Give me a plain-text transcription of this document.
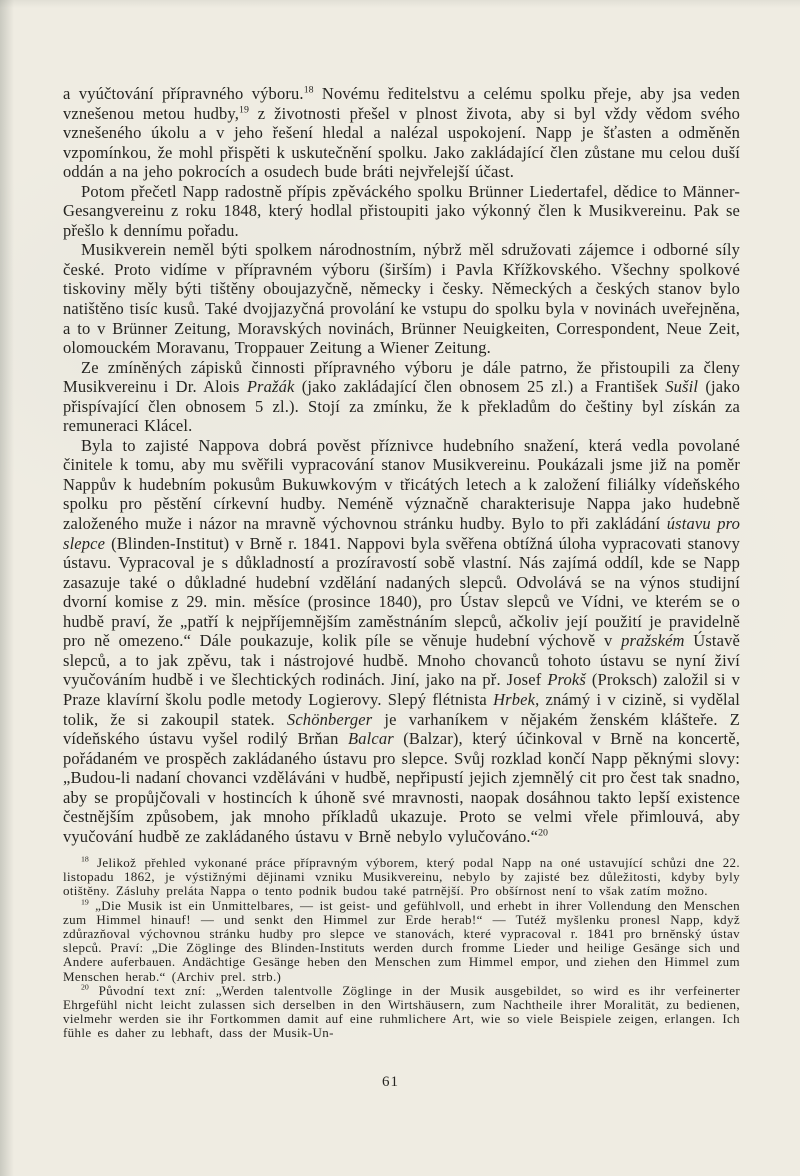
a vyúčtování přípravného výboru.$^{18}$ Novému ředitelstvu a celému spolku přeje, aby jsa veden vznešenou metou hudby,$^{19}$ z životnosti přešel v plnost života, aby si byl vždy vědom svého vznešeného úkolu a v jeho řešení hledal a nalézal uspokojení. Napp je šťasten a odměněn vzpomínkou, že mohl přispěti k uskutečnění spolku. Jako zakládající člen zůstane mu celou duší oddán a na jeho pokrocích a osudech bude bráti nejvřelejší účast.

Potom přečetl Napp radostně přípis zpěváckého spolku Brünner Liedertafel, dědice to Männer-Gesangvereinu z roku 1848, který hodlal přistoupiti jako výkonný člen k Musikvereinu. Pak se přešlo k dennímu pořadu.

Musikverein neměl býti spolkem národnostním, nýbrž měl sdružovati zájemce i odborné síly české. Proto vidíme v přípravném výboru (širším) i Pavla Křížkovského. Všechny spolkové tiskoviny měly býti tištěny oboujazyčně, německy i česky. Německých a českých stanov bylo natištěno tisíc kusů. Také dvojjazyčná provolání ke vstupu do spolku byla v novinách uveřejněna, a to v Brünner Zeitung, Moravských novinách, Brünner Neuigkeiten, Correspondent, Neue Zeit, olomouckém Moravanu, Troppauer Zeitung a Wiener Zeitung.

Ze zmíněných zápisků činnosti přípravného výboru je dále patrno, že přistoupili za členy Musikvereinu i Dr. Alois Pražák (jako zakládající člen obnosem 25 zl.) a František Sušil (jako přispívající člen obnosem 5 zl.). Stojí za zmínku, že k překladům do češtiny byl získán za remuneraci Klácel.

Byla to zajisté Nappova dobrá pověst příznivce hudebního snažení, která vedla povolané činitele k tomu, aby mu svěřili vypracování stanov Musikvereinu. Poukázali jsme již na poměr Nappův k hudebním pokusům Bukuwkovým v třicátých letech a k založení filiálky vídeňského spolku pro pěstění církevní hudby. Neméně význačně charakterisuje Nappa jako hudebně založeného muže i názor na mravně výchovnou stránku hudby. Bylo to při zakládání ústavu pro slepce (Blinden-Institut) v Brně r. 1841. Nappovi byla svěřena obtížná úloha vypracovati stanovy ústavu. Vypracoval je s důkladností a prozíravostí sobě vlastní. Nás zajímá oddíl, kde se Napp zasazuje také o důkladné hudební vzdělání nadaných slepců. Odvolává se na výnos studijní dvorní komise z 29. min. měsíce (prosince 1840), pro Ústav slepců ve Vídni, ve kterém se o hudbě praví, že „patří k nejpříjemnějším zaměstnáním slepců, ačkoliv její použití je pravidelně pro ně omezeno.“ Dále poukazuje, kolik píle se věnuje hudební výchově v pražském Ústavě slepců, a to jak zpěvu, tak i nástrojové hudbě. Mnoho chovanců tohoto ústavu se nyní živí vyučováním hudbě i ve šlechtických rodinách. Jiní, jako na př. Josef Prokš (Proksch) založil si v Praze klavírní školu podle metody Logierovy. Slepý flétnista Hrbek, známý i v cizině, si vydělal tolik, že si zakoupil statek. Schönberger je varhaníkem v nějakém ženském klášteře. Z vídeňského ústavu vyšel rodilý Brňan Balcar (Balzar), který účinkoval v Brně na koncertě, pořádaném ve prospěch zakládaného ústavu pro slepce. Svůj rozklad končí Napp pěknými slovy: „Budou-li nadaní chovanci vzděláváni v hudbě, nepřipustí jejich zjemnělý cit pro čest tak snadno, aby se propůjčovali v hostincích k úhoně své mravnosti, naopak dosáhnou takto lepší existence čestnějším způsobem, jak mnoho příkladů ukazuje. Proto se velmi vřele přimlouvá, aby vyučování hudbě ze zakládaného ústavu v Brně nebylo vylučováno.“$^{20}$

$^{18}$ Jelikož přehled vykonané práce přípravným výborem, který podal Napp na oné ustavující schůzi dne 22. listopadu 1862, je výstižnými dějinami vzniku Musikvereinu, nebylo by zajisté bez důležitosti, kdyby byly otištěny. Zásluhy preláta Nappa o tento podnik budou také patrnější. Pro obšírnost není to však zatím možno.

$^{19}$ „Die Musik ist ein Unmittelbares, — ist geist- und gefühlvoll, und erhebt in ihrer Vollendung den Menschen zum Himmel hinauf! — und senkt den Himmel zur Erde herab!“ — Tutéž myšlenku pronesl Napp, když zdůrazňoval výchovnou stránku hudby pro slepce ve stanovách, které vypracoval r. 1841 pro brněnský ústav slepců. Praví: „Die Zöglinge des Blinden-Instituts werden durch fromme Lieder und heilige Gesänge sich und Andere auferbauen. Andächtige Gesänge heben den Menschen zum Himmel empor, und ziehen den Himmel zum Menschen herab.“ (Archiv prel. strb.)

$^{20}$ Původní text zní: „Werden talentvolle Zöglinge in der Musik ausgebildet, so wird es ihr verfeinerter Ehrgefühl nicht leicht zulassen sich derselben in den Wirtshäusern, zum Nachtheile ihrer Moralität, zu bedienen, vielmehr werden sie ihr Fortkommen damit auf eine ruhmlichere Art, wie so viele Beispiele zeigen, erlangen. Ich fühle es daher zu lebhaft, dass der Musik-Un-

61
